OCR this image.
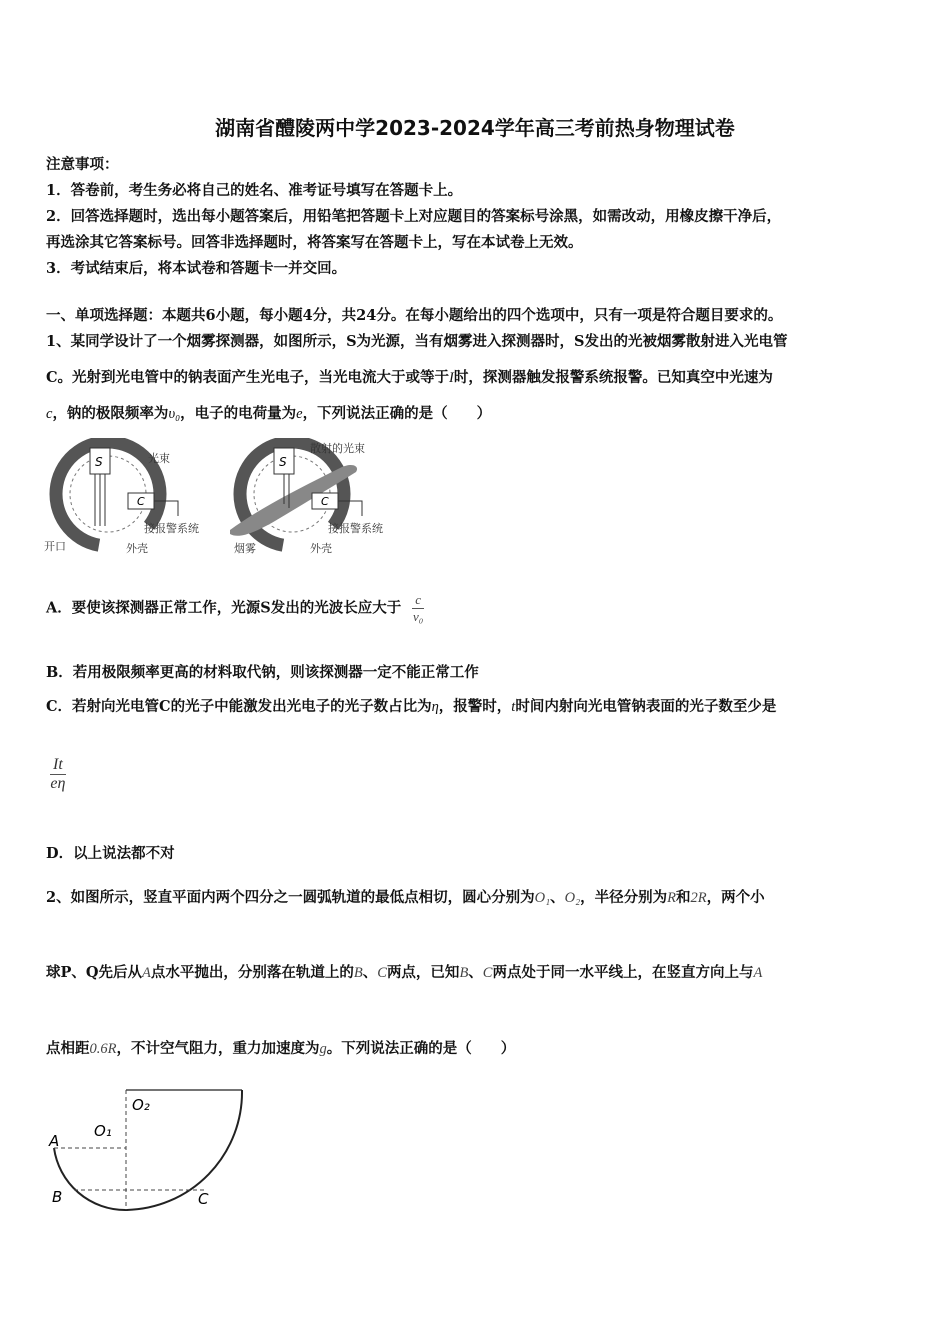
湖南省醴陵两中学2023-2024学年高三考前热身物理试卷
注意事项：
1．答卷前，考生务必将自己的姓名、准考证号填写在答题卡上。
2．回答选择题时，选出每小题答案后，用铅笔把答题卡上对应题目的答案标号涂黑，如需改动，用橡皮擦干净后，
再选涂其它答案标号。回答非选择题时，将答案写在答题卡上，写在本试卷上无效。
3．考试结束后，将本试卷和答题卡一并交回。
一、单项选择题：本题共6小题，每小题4分，共24分。在每小题给出的四个选项中，只有一项是符合题目要求的。
1、某同学设计了一个烟雾探测器，如图所示，S为光源，当有烟雾进入探测器时，S发出的光被烟雾散射进入光电管
C。光射到光电管中的钠表面产生光电子，当光电流大于或等于I时，探测器触发报警系统报警。已知真空中光速为
c，钠的极限频率为υ₀，电子的电荷量为e，下列说法正确的是（　　）
S
C
光束
接报警系统
开口	外壳
S
C
散射的光束
接报警系统
烟雾	外壳
A．要使该探测器正常工作，光源S发出的光波长应大于 $\frac{c}{\text{v₀}}$
B．若用极限频率更高的材料取代钠，则该探测器一定不能正常工作
C．若射向光电管C的光子中能激发出光电子的光子数占比为η，报警时，t时间内射向光电管钠表面的光子数至少是
$\frac{It}{e\eta}$
D．以上说法都不对
2、如图所示，竖直平面内两个四分之一圆弧轨道的最低点相切，圆心分别为O₁、O₂，半径分别为R和2R，两个小
球P、Q先后从A点水平抛出，分别落在轨道上的B、C两点，已知B、C两点处于同一水平线上，在竖直方向上与A
点相距0.6R，不计空气阻力，重力加速度为g。下列说法正确的是（　　）
A
B	C
O₁
O₂
